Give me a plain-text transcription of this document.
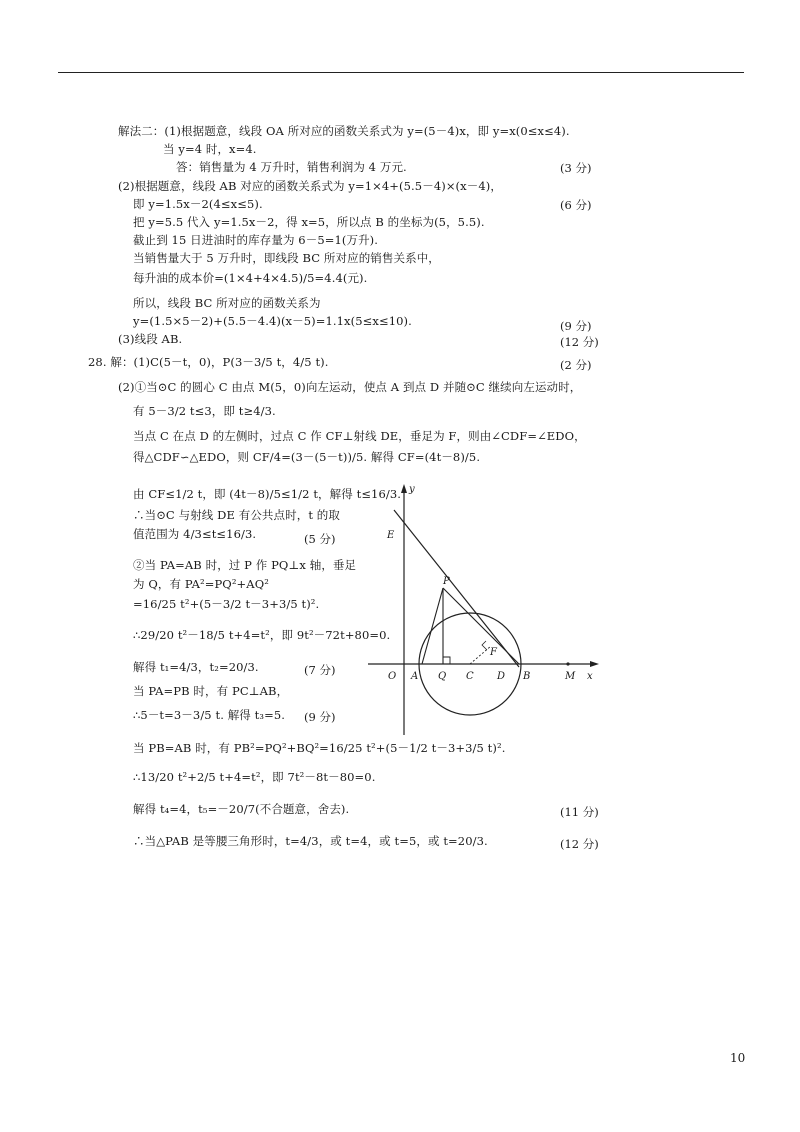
解法二：(1)根据题意，线段 OA 所对应的函数关系式为 y=(5－4)x，即 y=x(0≤x≤4).
当 y=4 时，x=4.
答：销售量为 4 万升时，销售利润为 4 万元.	(3 分)
(2)根据题意，线段 AB 对应的函数关系式为 y=1×4+(5.5－4)×(x－4)，
即 y=1.5x－2(4≤x≤5).	(6 分)
把 y=5.5 代入 y=1.5x－2，得 x=5，所以点 B 的坐标为(5，5.5).
截止到 15 日进油时的库存量为 6－5=1(万升).
当销售量大于 5 万升时，即线段 BC 所对应的销售关系中，
每升油的成本价=(1×4+4×4.5)/5=4.4(元).
所以，线段 BC 所对应的函数关系为
y=(1.5×5－2)+(5.5－4.4)(x－5)=1.1x(5≤x≤10).	(9 分)
(3)线段 AB.	(12 分)
28. 解：(1)C(5－t，0)，P(3－3/5 t，4/5 t).	(2 分)
(2)①当⊙C 的圆心 C 由点 M(5，0)向左运动，使点 A 到点 D 并随⊙C 继续向左运动时，
有 5－3/2 t≤3，即 t≥4/3.
当点 C 在点 D 的左侧时，过点 C 作 CF⊥射线 DE，垂足为 F，则由∠CDF=∠EDO，
得△CDF∽△EDO，则 CF/4=(3－(5－t))/5. 解得 CF=(4t－8)/5.
由 CF≤1/2 t，即 (4t－8)/5≤1/2 t，解得 t≤16/3.
∴当⊙C 与射线 DE 有公共点时，t 的取
值范围为 4/3≤t≤16/3.	(5 分)
②当 PA=AB 时，过 P 作 PQ⊥x 轴，垂足
为 Q，有 PA²=PQ²+AQ²
=16/25 t²+(5－3/2 t－3+3/5 t)².
∴29/20 t²－18/5 t+4=t²，即 9t²－72t+80=0.
解得 t₁=4/3，t₂=20/3.	(7 分)
当 PA=PB 时，有 PC⊥AB，
∴5－t=3－3/5 t. 解得 t₃=5. (9 分)
当 PB=AB 时，有 PB²=PQ²+BQ²=16/25 t²+(5－1/2 t－3+3/5 t)².
∴13/20 t²+2/5 t+4=t²，即 7t²－8t－80=0.
解得 t₄=4，t₅=－20/7(不合题意，舍去).	(11 分)
∴当△PAB 是等腰三角形时，t=4/3，或 t=4，或 t=5，或 t=20/3.	(12 分)
y
x
E
P
F
O A Q C D B	M
10
